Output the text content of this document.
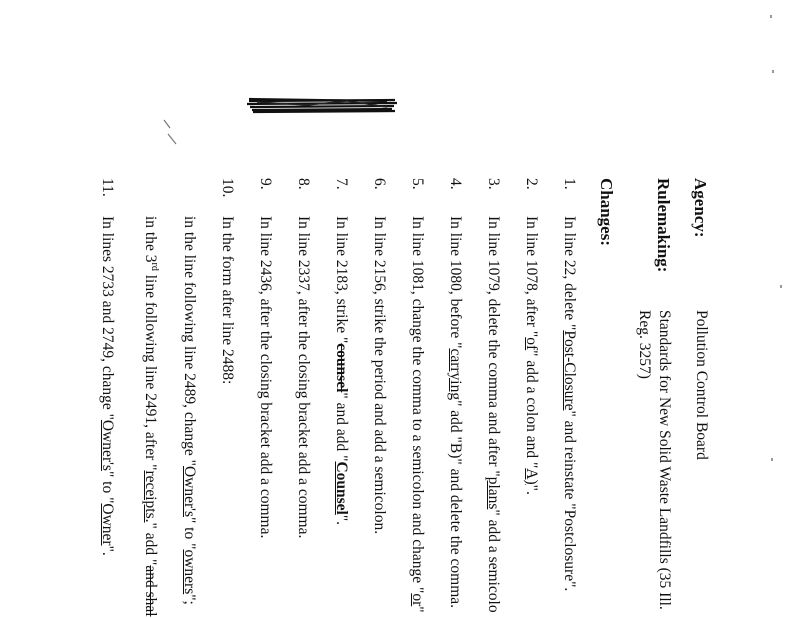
Agency:
Pollution Control Board
Rulemaking:
Standards for New Solid Waste Landfills (35 Ill.
Reg. 3257)
Changes:
1.
In line 22, delete "Post-Closure" and reinstate "Postclosure".
2.
In line 1078, after "of" add a colon and "A)".
3.
In line 1079, delete the comma and after "plans" add a semicolo
4.
In line 1080, before "carrying" add "B)" and delete the comma.
5.
In line 1081, change the comma to a semicolon and change "or"
6.
In line 2156, strike the period and add a semicolon.
7.
In line 2183, strike "counsel" and add "Counsel".
8.
In line 2337, after the closing bracket add a comma.
9.
In line 2436, after the closing bracket add a comma.
10.
In the form after line 2488:
in the line following line 2489, change "Owner's" to "owners";
in the 3rd line following line 2491, after "receipts." add "and shal
11.
In lines 2733 and 2749, change "Owner's" to "Owner".
